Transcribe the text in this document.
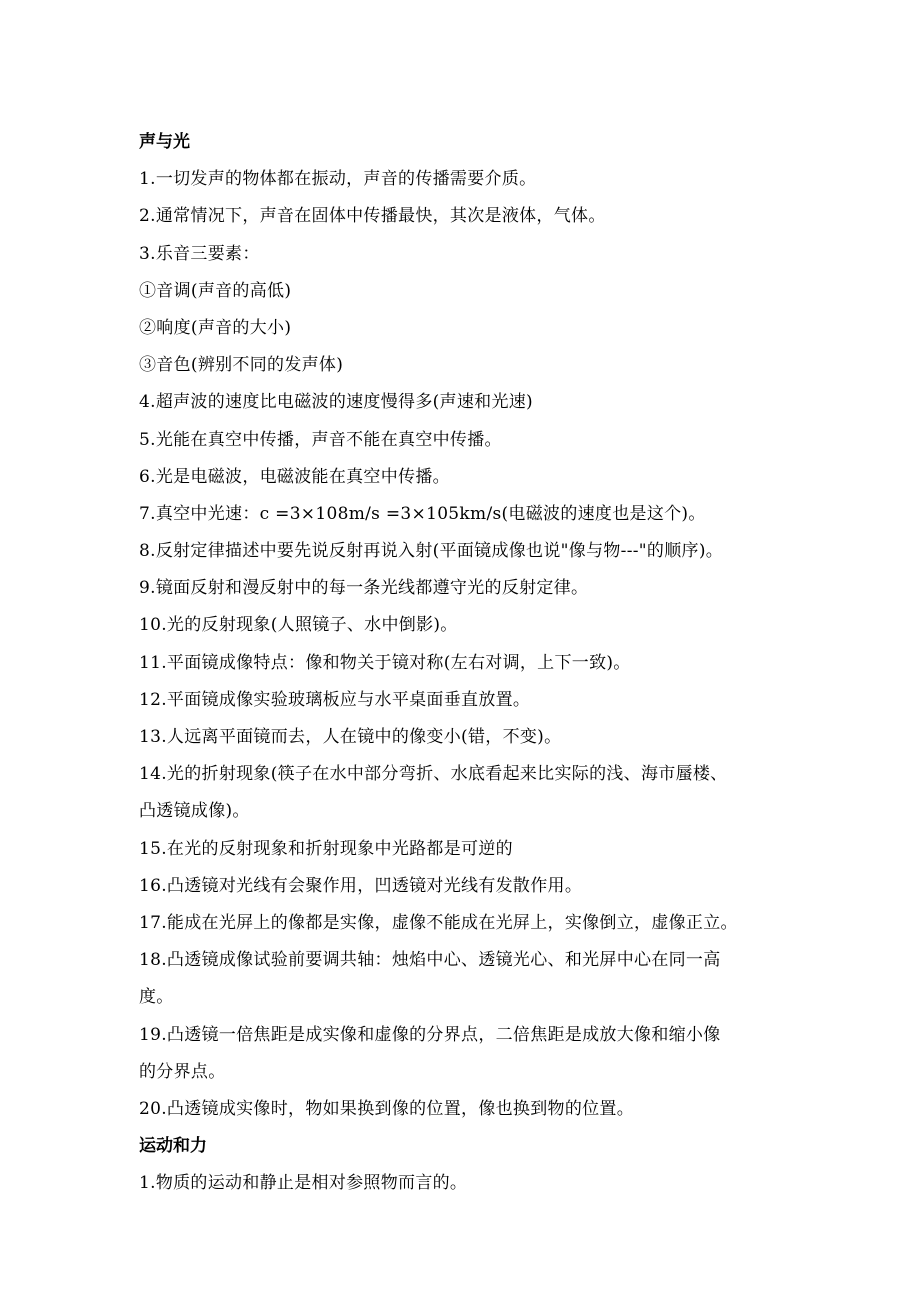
声与光
1.一切发声的物体都在振动，声音的传播需要介质。
2.通常情况下，声音在固体中传播最快，其次是液体，气体。
3.乐音三要素：
①音调(声音的高低)
②响度(声音的大小)
③音色(辨别不同的发声体)
4.超声波的速度比电磁波的速度慢得多(声速和光速)
5.光能在真空中传播，声音不能在真空中传播。
6.光是电磁波，电磁波能在真空中传播。
7.真空中光速：c =3×108m/s =3×105km/s(电磁波的速度也是这个)。
8.反射定律描述中要先说反射再说入射(平面镜成像也说"像与物---"的顺序)。
9.镜面反射和漫反射中的每一条光线都遵守光的反射定律。
10.光的反射现象(人照镜子、水中倒影)。
11.平面镜成像特点：像和物关于镜对称(左右对调，上下一致)。
12.平面镜成像实验玻璃板应与水平桌面垂直放置。
13.人远离平面镜而去，人在镜中的像变小(错，不变)。
14.光的折射现象(筷子在水中部分弯折、水底看起来比实际的浅、海市蜃楼、
凸透镜成像)。
15.在光的反射现象和折射现象中光路都是可逆的
16.凸透镜对光线有会聚作用，凹透镜对光线有发散作用。
17.能成在光屏上的像都是实像，虚像不能成在光屏上，实像倒立，虚像正立。
18.凸透镜成像试验前要调共轴：烛焰中心、透镜光心、和光屏中心在同一高
度。
19.凸透镜一倍焦距是成实像和虚像的分界点，二倍焦距是成放大像和缩小像
的分界点。
20.凸透镜成实像时，物如果换到像的位置，像也换到物的位置。
运动和力
1.物质的运动和静止是相对参照物而言的。
